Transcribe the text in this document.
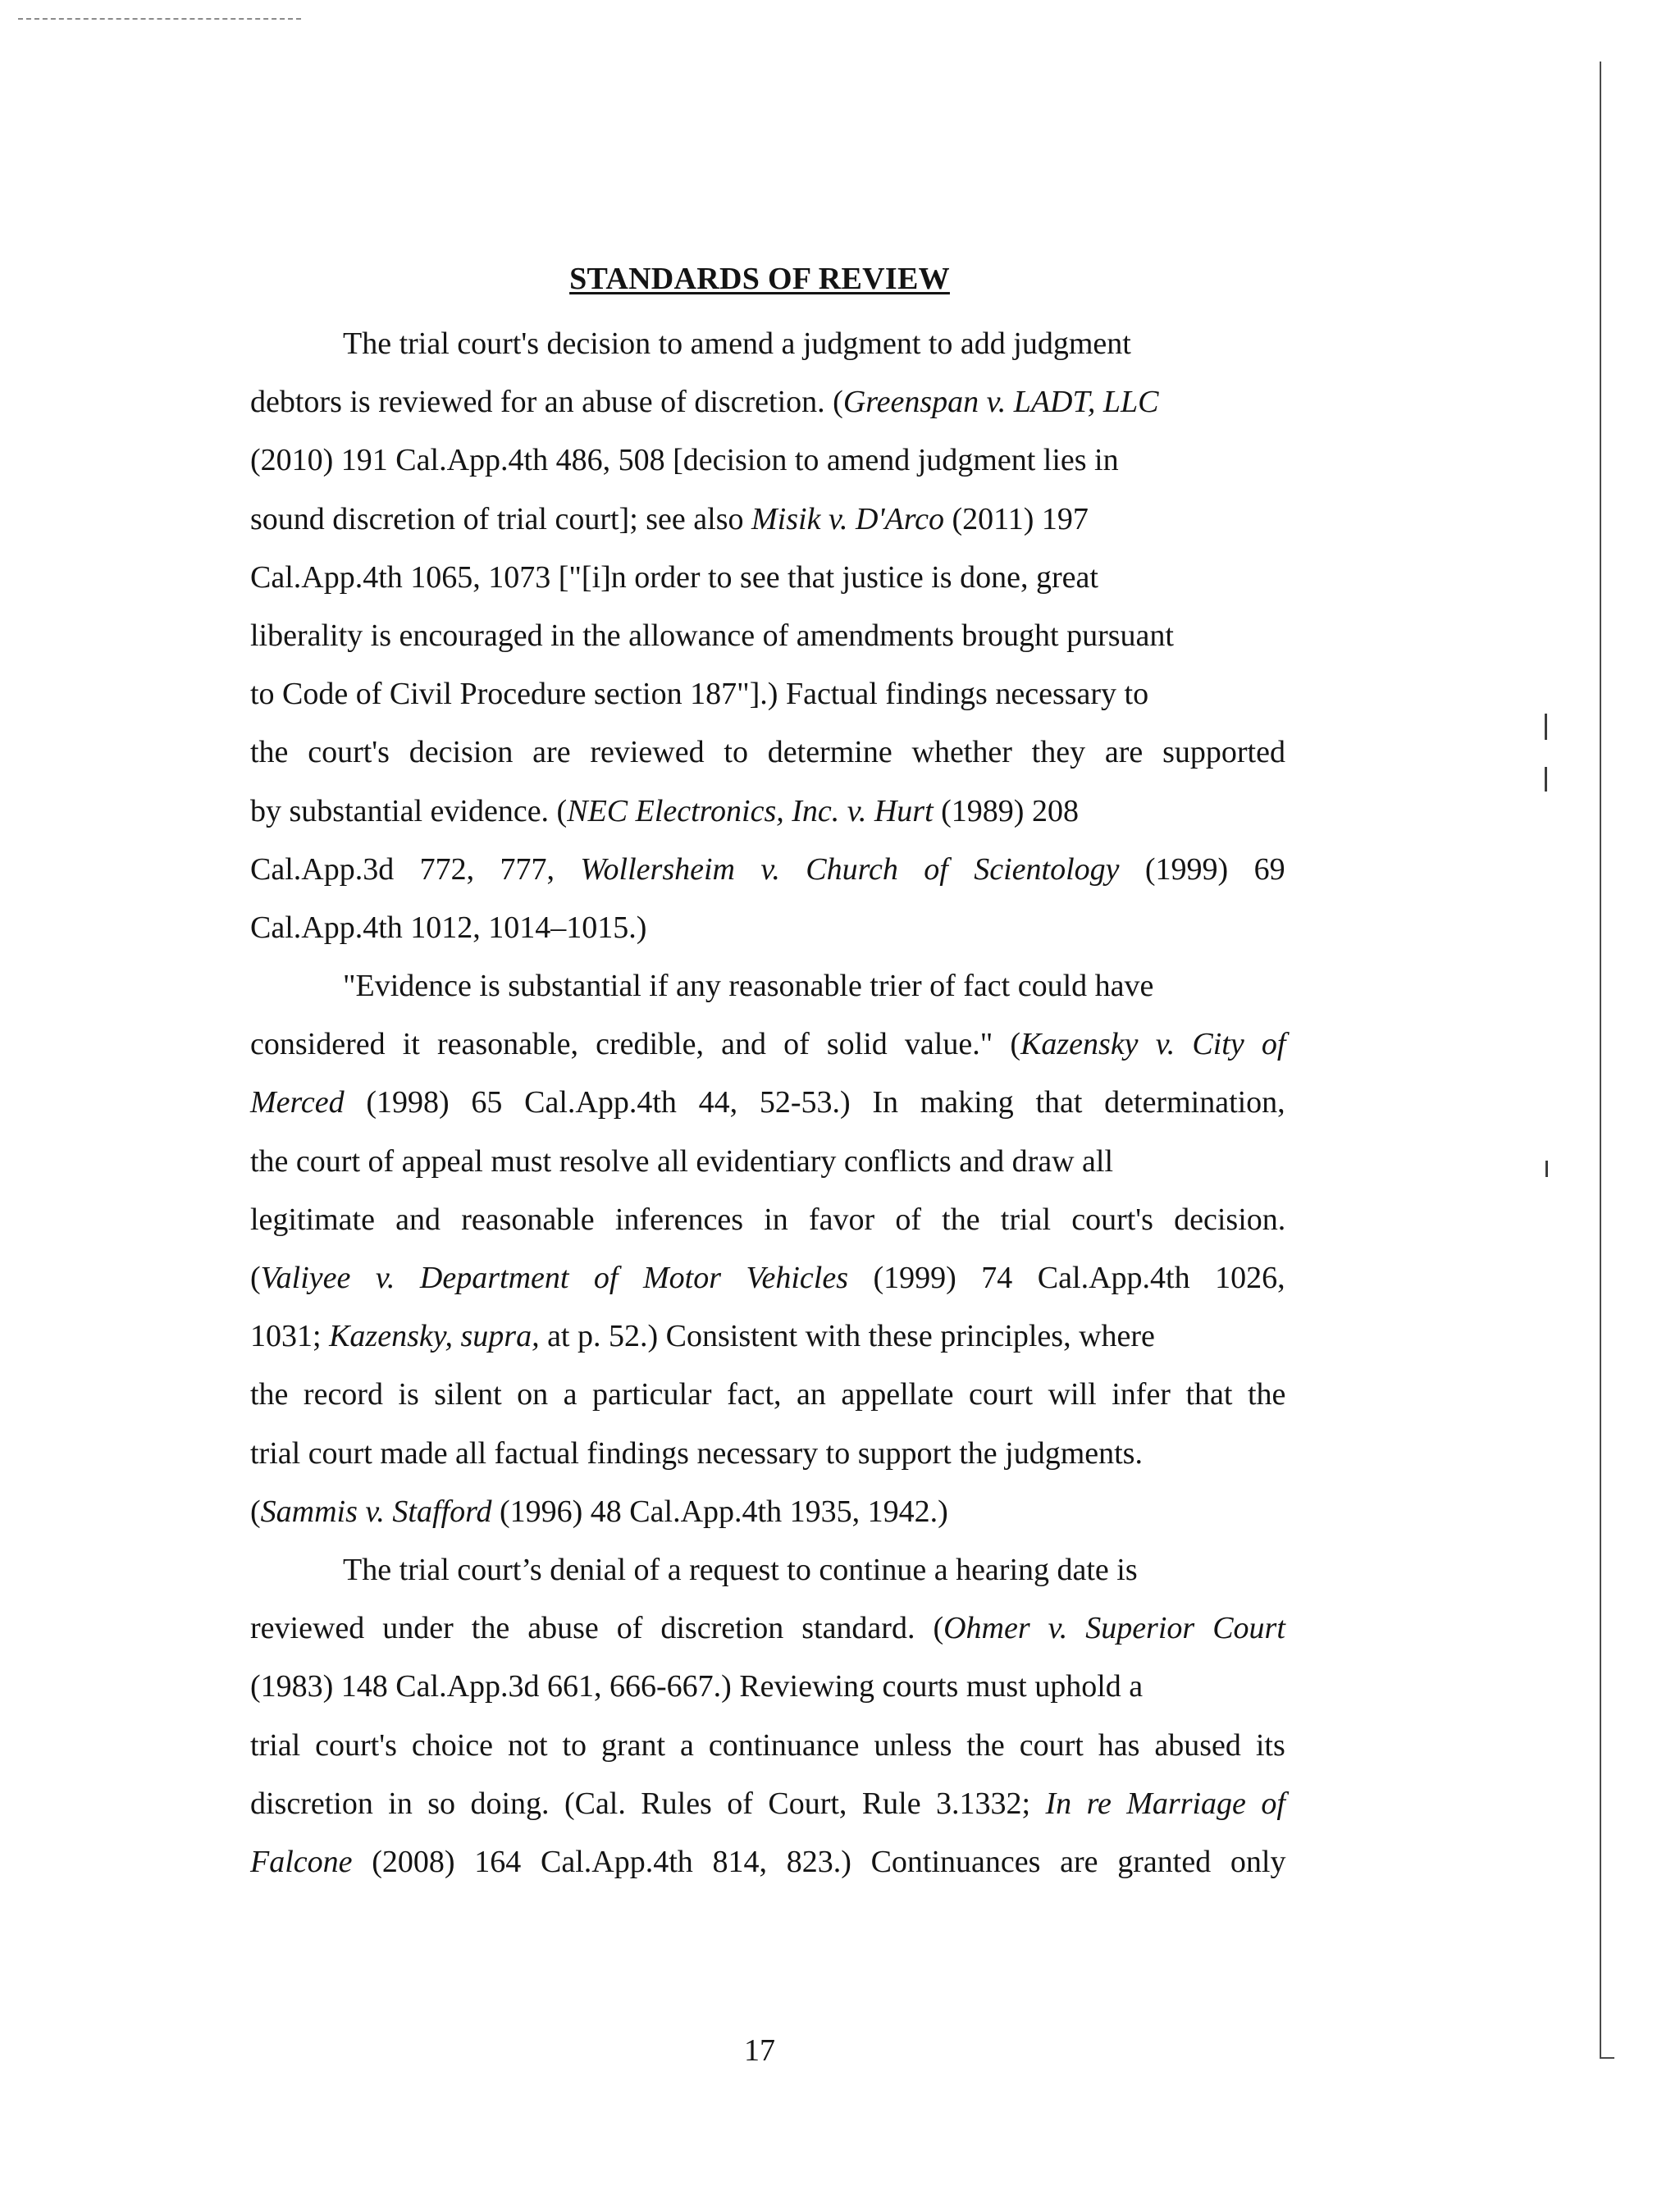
STANDARDS OF REVIEW
The trial court's decision to amend a judgment to add judgment
debtors is reviewed for an abuse of discretion. (Greenspan v. LADT, LLC
(2010) 191 Cal.App.4th 486, 508 [decision to amend judgment lies in
sound discretion of trial court]; see also Misik v. D'Arco (2011) 197
Cal.App.4th 1065, 1073 ["[i]n order to see that justice is done, great
liberality is encouraged in the allowance of amendments brought pursuant
to Code of Civil Procedure section 187"].) Factual findings necessary to
the court's decision are reviewed to determine whether they are supported
by substantial evidence. (NEC Electronics, Inc. v. Hurt (1989) 208
Cal.App.3d 772, 777, Wollersheim v. Church of Scientology (1999) 69
Cal.App.4th 1012, 1014–1015.)
"Evidence is substantial if any reasonable trier of fact could have
considered it reasonable, credible, and of solid value." (Kazensky v. City of
Merced (1998) 65 Cal.App.4th 44, 52-53.) In making that determination,
the court of appeal must resolve all evidentiary conflicts and draw all
legitimate and reasonable inferences in favor of the trial court's decision.
(Valiyee v. Department of Motor Vehicles (1999) 74 Cal.App.4th 1026,
1031; Kazensky, supra, at p. 52.) Consistent with these principles, where
the record is silent on a particular fact, an appellate court will infer that the
trial court made all factual findings necessary to support the judgments.
(Sammis v. Stafford (1996) 48 Cal.App.4th 1935, 1942.)
The trial court’s denial of a request to continue a hearing date is
reviewed under the abuse of discretion standard. (Ohmer v. Superior Court
(1983) 148 Cal.App.3d 661, 666-667.) Reviewing courts must uphold a
trial court's choice not to grant a continuance unless the court has abused its
discretion in so doing. (Cal. Rules of Court, Rule 3.1332; In re Marriage of
Falcone (2008) 164 Cal.App.4th 814, 823.) Continuances are granted only
17
